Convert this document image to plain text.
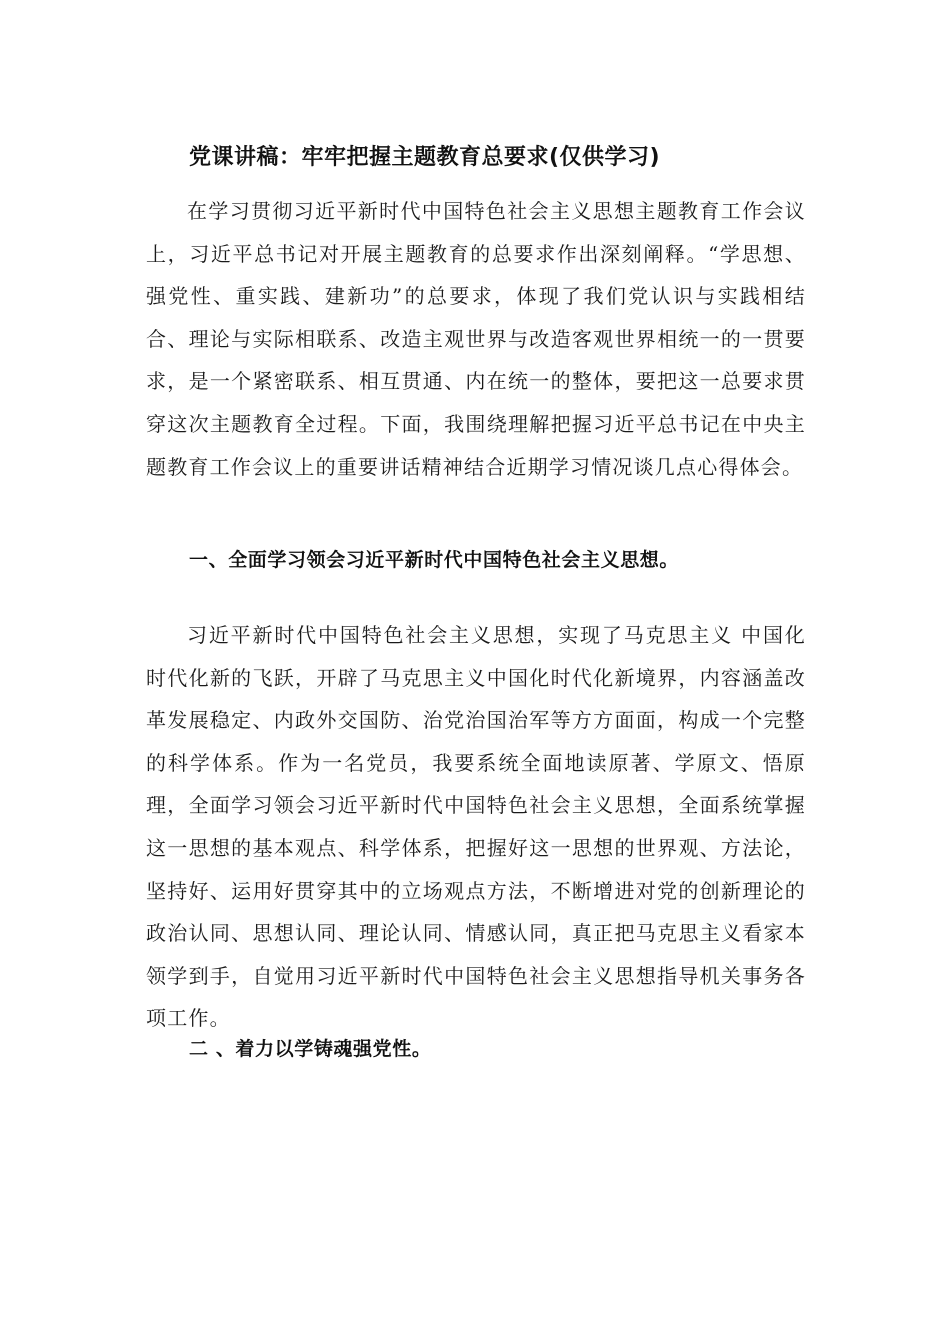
党课讲稿：牢牢把握主题教育总要求(仅供学习)

在学习贯彻习近平新时代中国特色社会主义思想主题教育工作会议上，习近平总书记对开展主题教育的总要求作出深刻阐释。“学思想、强党性、重实践、建新功”的总要求，体现了我们党认识与实践相结合、理论与实际相联系、改造主观世界与改造客观世界相统一的一贯要求，是一个紧密联系、相互贯通、内在统一的整体，要把这一总要求贯穿这次主题教育全过程。下面，我围绕理解把握习近平总书记在中央主题教育工作会议上的重要讲话精神结合近期学习情况谈几点心得体会。

一、全面学习领会习近平新时代中国特色社会主义思想。

习近平新时代中国特色社会主义思想，实现了马克思主义 中国化时代化新的飞跃，开辟了马克思主义中国化时代化新境界，内容涵盖改革发展稳定、内政外交国防、治党治国治军等方方面面，构成一个完整的科学体系。作为一名党员，我要系统全面地读原著、学原文、悟原理，全面学习领会习近平新时代中国特色社会主义思想，全面系统掌握这一思想的基本观点、科学体系，把握好这一思想的世界观、方法论，坚持好、运用好贯穿其中的立场观点方法，不断增进对党的创新理论的政治认同、思想认同、理论认同、情感认同，真正把马克思主义看家本领学到手，自觉用习近平新时代中国特色社会主义思想指导机关事务各项工作。

二 、着力以学铸魂强党性。
